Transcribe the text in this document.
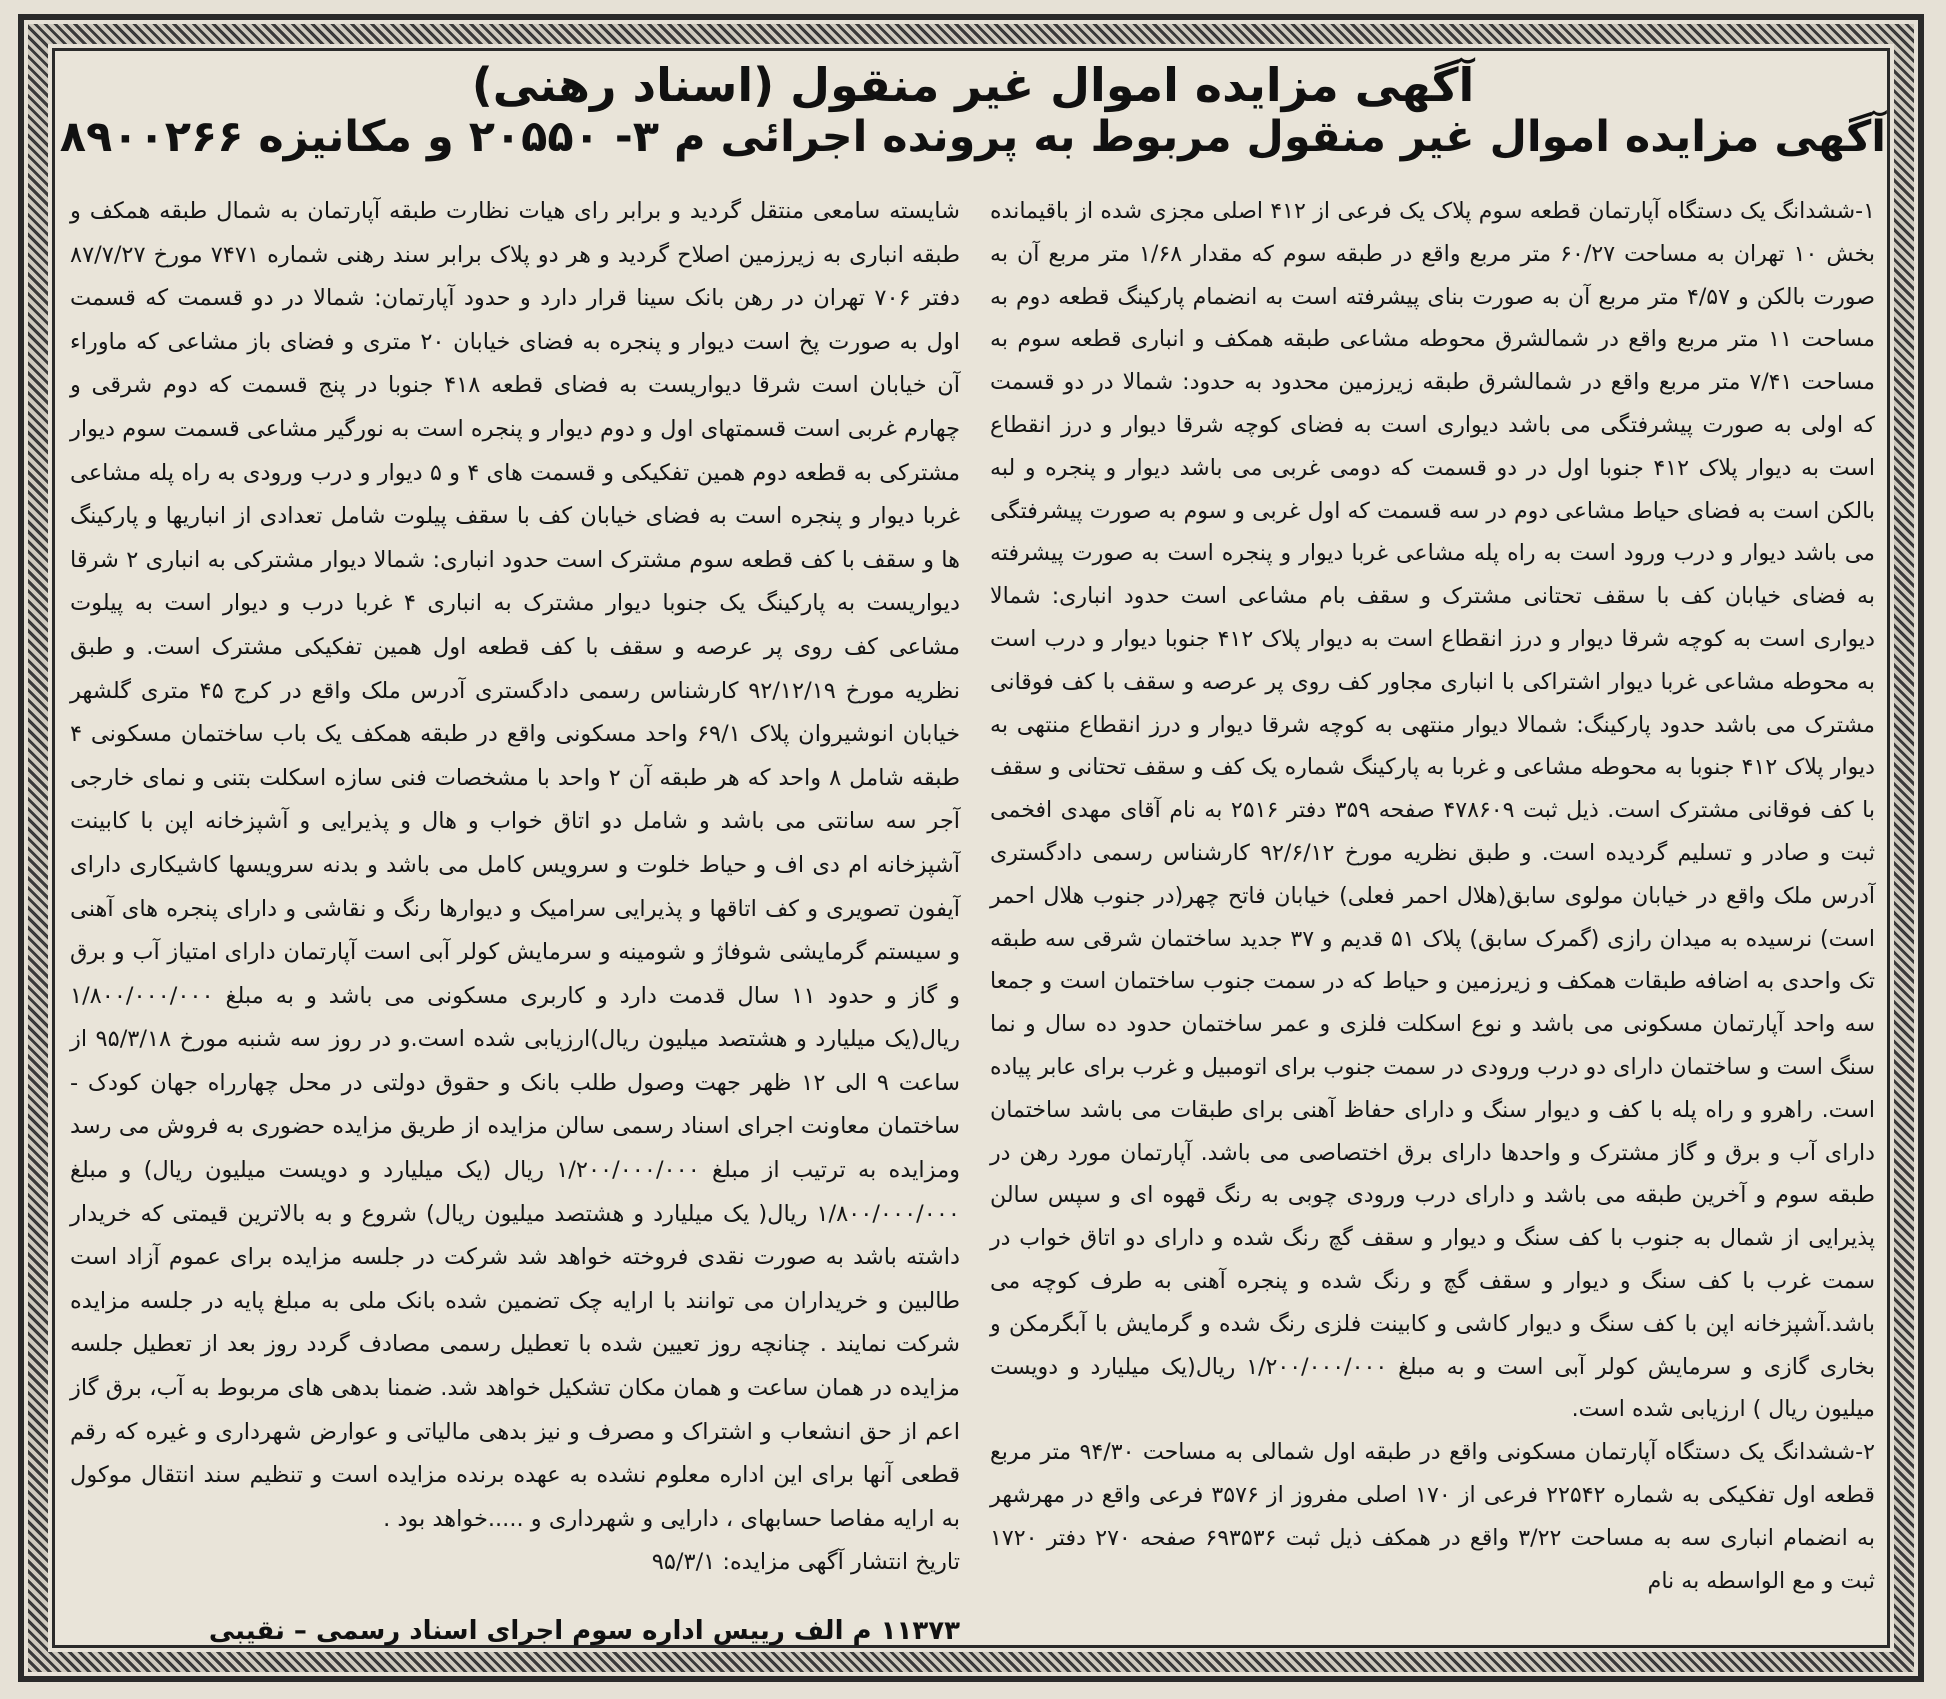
آگهی مزایده اموال غیر منقول (اسناد رهنی)
آگهی مزایده اموال غیر منقول مربوط به پرونده اجرائی م ۳- ۲۰۵۵۰ و مکانیزه ۸۹۰۰۲۶۶

۱-ششدانگ یک دستگاه آپارتمان قطعه سوم پلاک یک فرعی از ۴۱۲ اصلی مجزی شده از باقیمانده بخش ۱۰ تهران به مساحت ۶۰/۲۷ متر مربع واقع در طبقه سوم که مقدار ۱/۶۸ متر مربع آن به صورت بالکن و ۴/۵۷ متر مربع آن به صورت بنای پیشرفته است به انضمام پارکینگ قطعه دوم به مساحت ۱۱ متر مربع واقع در شمالشرق محوطه مشاعی طبقه همکف و انباری قطعه سوم به مساحت ۷/۴۱ متر مربع واقع در شمالشرق طبقه زیرزمین محدود به حدود: شمالا در دو قسمت که اولی به صورت پیشرفتگی می باشد دیواری است به فضای کوچه شرقا دیوار و درز انقطاع است به دیوار پلاک ۴۱۲ جنوبا اول در دو قسمت که دومی غربی می باشد دیوار و پنجره و لبه بالکن است به فضای حیاط مشاعی دوم در سه قسمت که اول غربی و سوم به صورت پیشرفتگی می باشد دیوار و درب ورود است به راه پله مشاعی غربا دیوار و پنجره است به صورت پیشرفته به فضای خیابان کف با سقف تحتانی مشترک و سقف بام مشاعی است حدود انباری: شمالا دیواری است به کوچه شرقا دیوار و درز انقطاع است به دیوار پلاک ۴۱۲ جنوبا دیوار و درب است به محوطه مشاعی غربا دیوار اشتراکی با انباری مجاور کف روی پر عرصه و سقف با کف فوقانی مشترک می باشد حدود پارکینگ: شمالا دیوار منتهی به کوچه شرقا دیوار و درز انقطاع منتهی به دیوار پلاک ۴۱۲ جنوبا به محوطه مشاعی و غربا به پارکینگ شماره یک کف و سقف تحتانی و سقف با کف فوقانی مشترک است. ذیل ثبت ۴۷۸۶۰۹ صفحه ۳۵۹ دفتر ۲۵۱۶ به نام آقای مهدی افخمی ثبت و صادر و تسلیم گردیده است. و طبق نظریه مورخ ۹۲/۶/۱۲ کارشناس رسمی دادگستری آدرس ملک واقع در خیابان مولوی سابق(هلال احمر فعلی) خیابان فاتح چهر(در جنوب هلال احمر است) نرسیده به میدان رازی (گمرک سابق) پلاک ۵۱ قدیم و ۳۷ جدید ساختمان شرقی سه طبقه تک واحدی به اضافه طبقات همکف و زیرزمین و حیاط که در سمت جنوب ساختمان است و جمعا سه واحد آپارتمان مسکونی می باشد و نوع اسکلت فلزی و عمر ساختمان حدود ده سال و نما سنگ است و ساختمان دارای دو درب ورودی در سمت جنوب برای اتومبیل و غرب برای عابر پیاده است. راهرو و راه پله با کف و دیوار سنگ و دارای حفاظ آهنی برای طبقات می باشد ساختمان دارای آب و برق و گاز مشترک و واحدها دارای برق اختصاصی می باشد. آپارتمان مورد رهن در طبقه سوم و آخرین طبقه می باشد و دارای درب ورودی چوبی به رنگ قهوه ای و سپس سالن پذیرایی از شمال به جنوب با کف سنگ و دیوار و سقف گچ رنگ شده و دارای دو اتاق خواب در سمت غرب با کف سنگ و دیوار و سقف گچ و رنگ شده و پنجره آهنی به طرف کوچه می باشد.آشپزخانه اپن با کف سنگ و دیوار کاشی و کابینت فلزی رنگ شده و گرمایش با آبگرمکن و بخاری گازی و سرمایش کولر آبی است و به مبلغ ۱/۲۰۰/۰۰۰/۰۰۰ ریال(یک میلیارد و دویست میلیون ریال ) ارزیابی شده است.

۲-ششدانگ یک دستگاه آپارتمان مسکونی واقع در طبقه اول شمالی به مساحت ۹۴/۳۰ متر مربع قطعه اول تفکیکی به شماره ۲۲۵۴۲ فرعی از ۱۷۰ اصلی مفروز از ۳۵۷۶ فرعی واقع در مهرشهر به انضمام انباری سه به مساحت ۳/۲۲ واقع در همکف ذیل ثبت ۶۹۳۵۳۶ صفحه ۲۷۰ دفتر ۱۷۲۰ ثبت و مع الواسطه به نام

شایسته سامعی منتقل گردید و برابر رای هیات نظارت طبقه آپارتمان به شمال طبقه همکف و طبقه انباری به زیرزمین اصلاح گردید و هر دو پلاک برابر سند رهنی شماره ۷۴۷۱ مورخ ۸۷/۷/۲۷ دفتر ۷۰۶ تهران در رهن بانک سینا قرار دارد و حدود آپارتمان: شمالا در دو قسمت که قسمت اول به صورت پخ است دیوار و پنجره به فضای خیابان ۲۰ متری و فضای باز مشاعی که ماوراء آن خیابان است شرقا دیواریست به فضای قطعه ۴۱۸ جنوبا در پنج قسمت که دوم شرقی و چهارم غربی است قسمتهای اول و دوم دیوار و پنجره است به نورگیر مشاعی قسمت سوم دیوار مشترکی به قطعه دوم همین تفکیکی و قسمت های ۴ و ۵ دیوار و درب ورودی به راه پله مشاعی غربا دیوار و پنجره است به فضای خیابان کف با سقف پیلوت شامل تعدادی از انباریها و پارکینگ ها و سقف با کف قطعه سوم مشترک است حدود انباری: شمالا دیوار مشترکی به انباری ۲ شرقا دیواریست به پارکینگ یک جنوبا دیوار مشترک به انباری ۴ غربا درب و دیوار است به پیلوت مشاعی کف روی پر عرصه و سقف با کف قطعه اول همین تفکیکی مشترک است. و طبق نظریه مورخ ۹۲/۱۲/۱۹ کارشناس رسمی دادگستری آدرس ملک واقع در کرج ۴۵ متری گلشهر خیابان انوشیروان پلاک ۶۹/۱ واحد مسکونی واقع در طبقه همکف یک باب ساختمان مسکونی ۴ طبقه شامل ۸ واحد که هر طبقه آن ۲ واحد با مشخصات فنی سازه اسکلت بتنی و نمای خارجی آجر سه سانتی می باشد و شامل دو اتاق خواب و هال و پذیرایی و آشپزخانه اپن با کابینت آشپزخانه ام دی اف و حیاط خلوت و سرویس کامل می باشد و بدنه سرویسها کاشیکاری دارای آیفون تصویری و کف اتاقها و پذیرایی سرامیک و دیوارها رنگ و نقاشی و دارای پنجره های آهنی و سیستم گرمایشی شوفاژ و شومینه و سرمایش کولر آبی است آپارتمان دارای امتیاز آب و برق و گاز و حدود ۱۱ سال قدمت دارد و کاربری مسکونی می باشد و به مبلغ ۱/۸۰۰/۰۰۰/۰۰۰ ریال(یک میلیارد و هشتصد میلیون ریال)ارزیابی شده است.و در روز سه شنبه مورخ ۹۵/۳/۱۸ از ساعت ۹ الی ۱۲ ظهر جهت وصول طلب بانک و حقوق دولتی در محل چهارراه جهان کودک - ساختمان معاونت اجرای اسناد رسمی سالن مزایده از طریق مزایده حضوری به فروش می رسد ومزایده به ترتیب از مبلغ ۱/۲۰۰/۰۰۰/۰۰۰ ریال (یک میلیارد و دویست میلیون ریال) و مبلغ ۱/۸۰۰/۰۰۰/۰۰۰ ریال( یک میلیارد و هشتصد میلیون ریال) شروع و به بالاترین قیمتی که خریدار داشته باشد به صورت نقدی فروخته خواهد شد شرکت در جلسه مزایده برای عموم آزاد است طالبین و خریداران می توانند با ارایه چک تضمین شده بانک ملی به مبلغ پایه در جلسه مزایده شرکت نمایند . چنانچه روز تعیین شده با تعطیل رسمی مصادف گردد روز بعد از تعطیل جلسه مزایده در همان ساعت و همان مکان تشکیل خواهد شد. ضمنا بدهی های مربوط به آب، برق گاز اعم از حق انشعاب و اشتراک و مصرف و نیز بدهی مالیاتی و عوارض شهرداری و غیره که رقم قطعی آنها برای این اداره معلوم نشده به عهده برنده مزایده است و تنظیم سند انتقال موکول به ارایه مفاصا حسابهای ، دارایی و شهرداری و .....خواهد بود .

تاریخ انتشار آگهی مزایده: ۹۵/۳/۱

۱۱۳۷۳ م الف رییس اداره سوم اجرای اسناد رسمی – نقیبی
